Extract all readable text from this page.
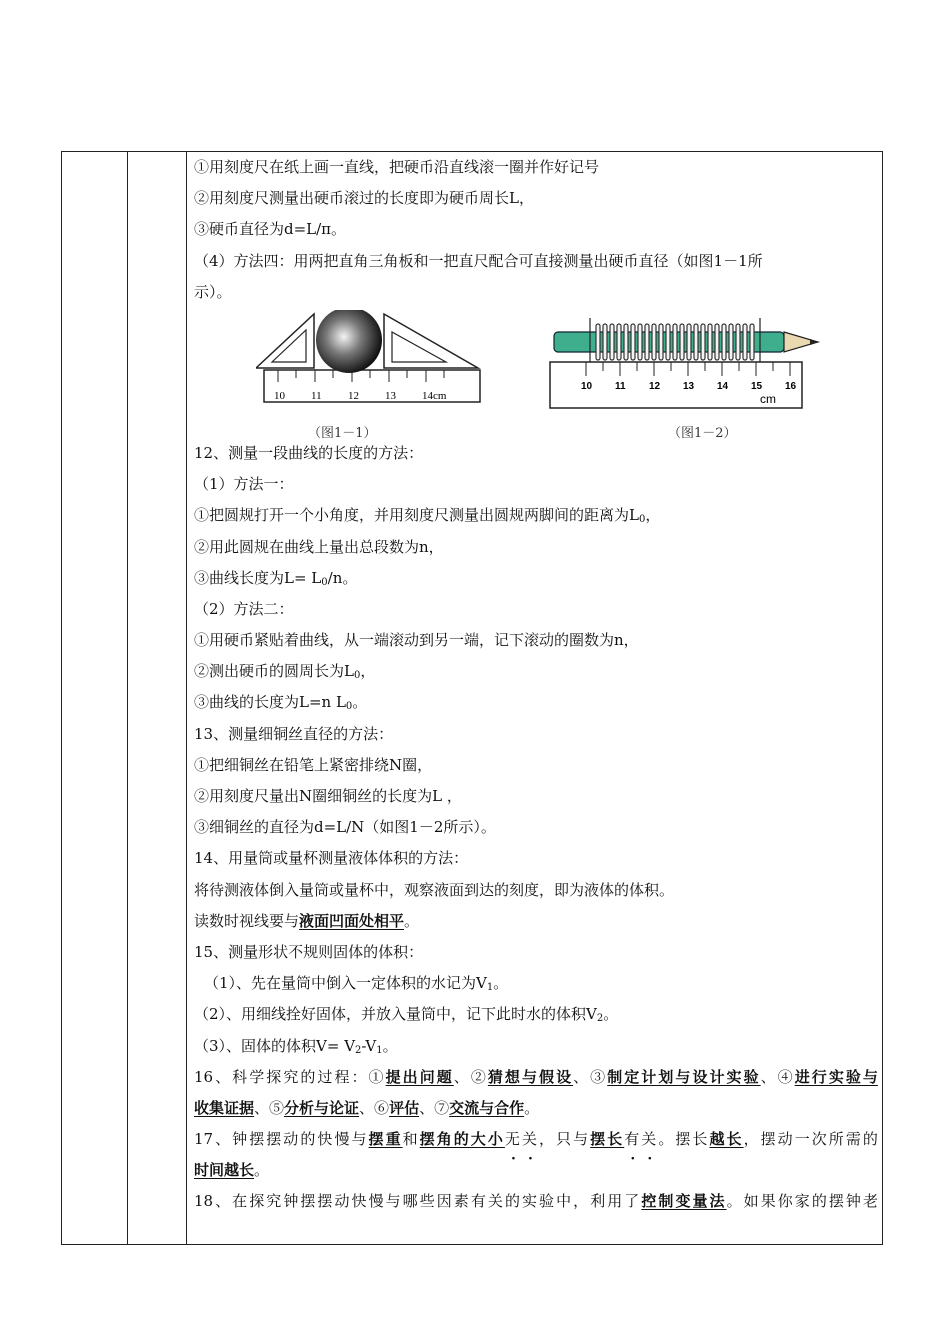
①用刻度尺在纸上画一直线，把硬币沿直线滚一圈并作好记号
②用刻度尺测量出硬币滚过的长度即为硬币周长L，
③硬币直径为d=L/π。
（4）方法四：用两把直角三角板和一把直尺配合可直接测量出硬币直径（如图1－1所
示）。
10 11 12 13 14cm
（图1－1）
10 11 12 13 14 15 16
cm
（图1－2）
12、测量一段曲线的长度的方法：
（1）方法一：
①把圆规打开一个小角度，并用刻度尺测量出圆规两脚间的距离为$L_0$，
②用此圆规在曲线上量出总段数为n，
③曲线长度为$L= L_0/n$。
（2）方法二：
①用硬币紧贴着曲线，从一端滚动到另一端，记下滚动的圈数为n，
②测出硬币的圆周长为$L_0$，
③曲线的长度为L=n $L_0$。
13、测量细铜丝直径的方法：
①把细铜丝在铅笔上紧密排绕N圈，
②用刻度尺量出N圈细铜丝的长度为L ，
③细铜丝的直径为d=L/N（如图1－2所示）。
14、用量筒或量杯测量液体体积的方法：
将待测液体倒入量筒或量杯中，观察液面到达的刻度，即为液体的体积。
读数时视线要与液面凹面处相平。
15、测量形状不规则固体的体积：
（1）、先在量筒中倒入一定体积的水记为$V_1$。
（2）、用细线拴好固体，并放入量筒中，记下此时水的体积$V_2$。
（3）、固体的体积$V= V_2-V_1$。
16、科学探究的过程：①提出问题、②猜想与假设、③制定计划与设计实验、④进行实验与
收集证据、⑤分析与论证、⑥评估、⑦交流与合作。
17、钟摆摆动的快慢与摆重和摆角的大小无关，只与摆长有关。摆长越长，摆动一次所需的
时间越长。
18、在探究钟摆摆动快慢与哪些因素有关的实验中，利用了控制变量法。如果你家的摆钟老
